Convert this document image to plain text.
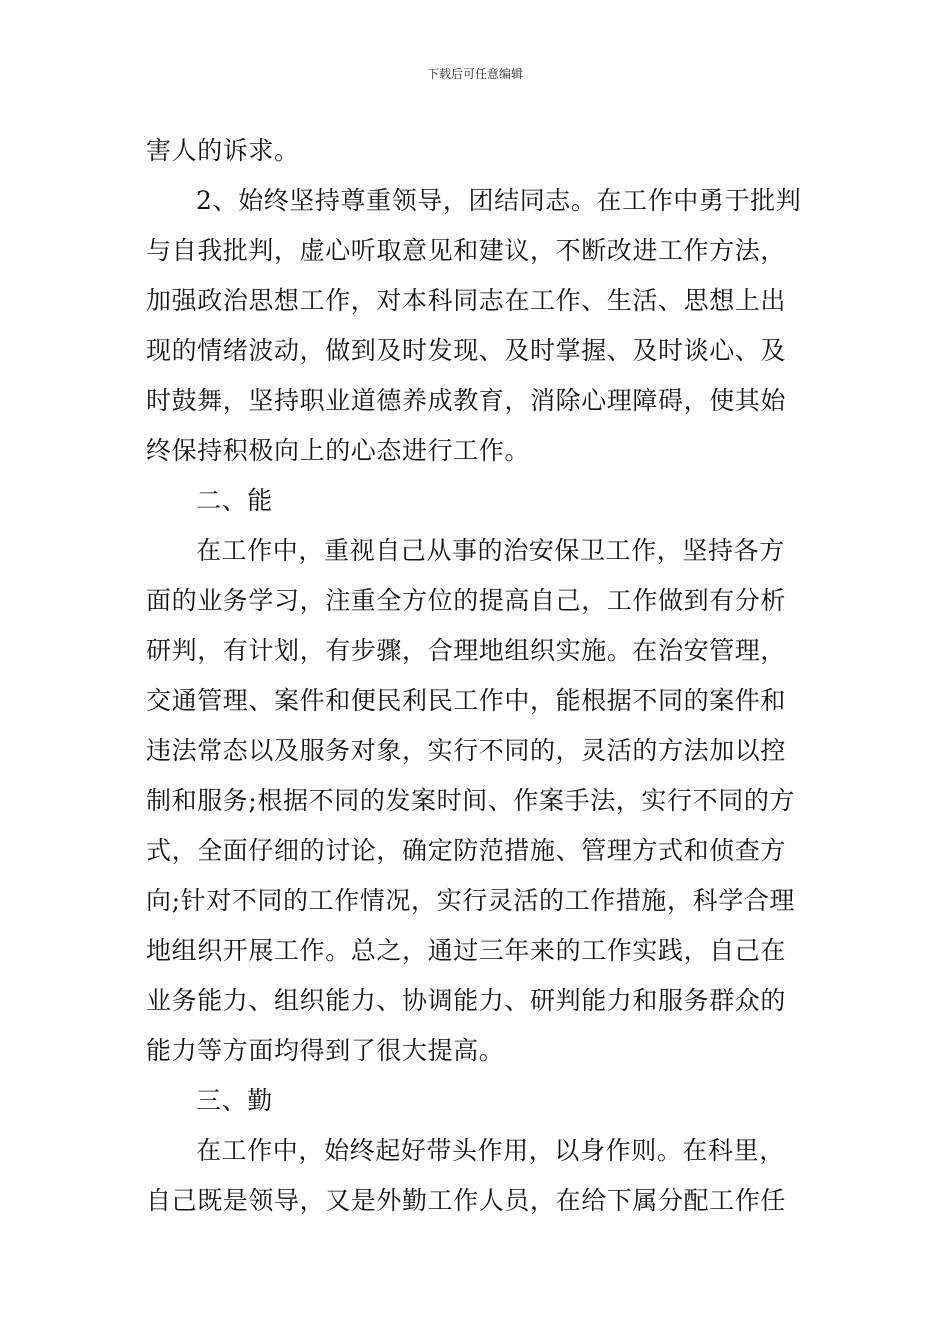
下载后可任意编辑
害人的诉求。
2、始终坚持尊重领导，团结同志。在工作中勇于批判
与自我批判，虚心听取意见和建议，不断改进工作方法，
加强政治思想工作，对本科同志在工作、生活、思想上出
现的情绪波动，做到及时发现、及时掌握、及时谈心、及
时鼓舞，坚持职业道德养成教育，消除心理障碍，使其始
终保持积极向上的心态进行工作。
二、能
在工作中，重视自己从事的治安保卫工作，坚持各方
面的业务学习，注重全方位的提高自己，工作做到有分析
研判，有计划，有步骤，合理地组织实施。在治安管理，
交通管理、案件和便民利民工作中，能根据不同的案件和
违法常态以及服务对象，实行不同的，灵活的方法加以控
制和服务;根据不同的发案时间、作案手法，实行不同的方
式，全面仔细的讨论，确定防范措施、管理方式和侦查方
向;针对不同的工作情况，实行灵活的工作措施，科学合理
地组织开展工作。总之，通过三年来的工作实践，自己在
业务能力、组织能力、协调能力、研判能力和服务群众的
能力等方面均得到了很大提高。
三、勤
在工作中，始终起好带头作用，以身作则。在科里，
自己既是领导，又是外勤工作人员，在给下属分配工作任
